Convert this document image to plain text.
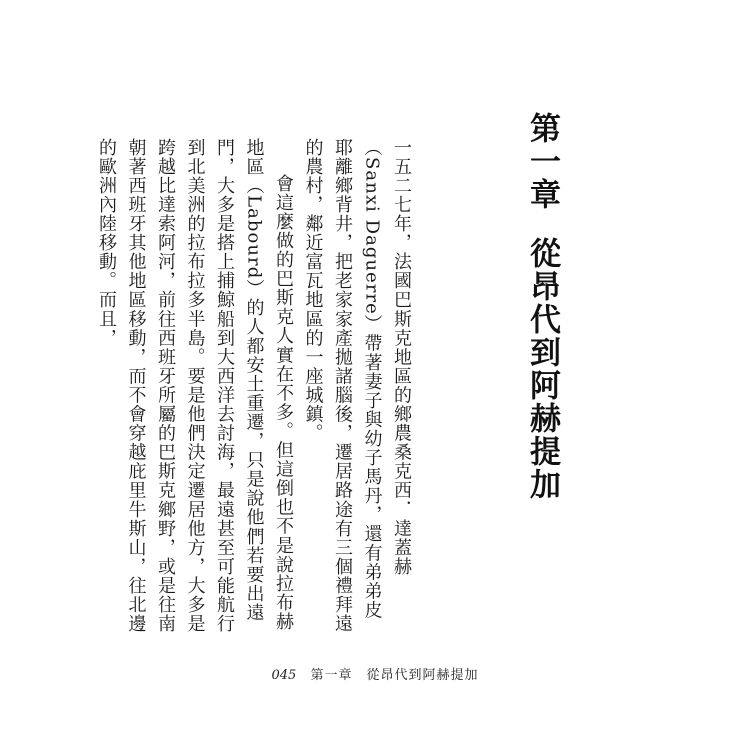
第一章從昂代到阿赫提加

一五二七年，法國巴斯克地區的鄉農桑克西．達蓋赫（Sanxi Daguerre）帶著妻子與幼子馬丹，還有弟弟皮耶離鄉背井，把老家家產拋諸腦後，遷居路途有三個禮拜遠的農村，鄰近富瓦地區的一座城鎮。

會這麼做的巴斯克人實在不多。但這倒也不是說拉布赫地區（Labourd）的人都安土重遷，只是說他們若要出遠門，大多是搭上捕鯨船到大西洋去討海，最遠甚至可能航行到北美洲的拉布拉多半島。要是他們決定遷居他方，大多是跨越比達索阿河，前往西班牙所屬的巴斯克鄉野，或是往南朝著西班牙其他地區移動，而不會穿越庇里牛斯山，往北邊的歐洲內陸移動。而且，

045 第一章　從昂代到阿赫提加
